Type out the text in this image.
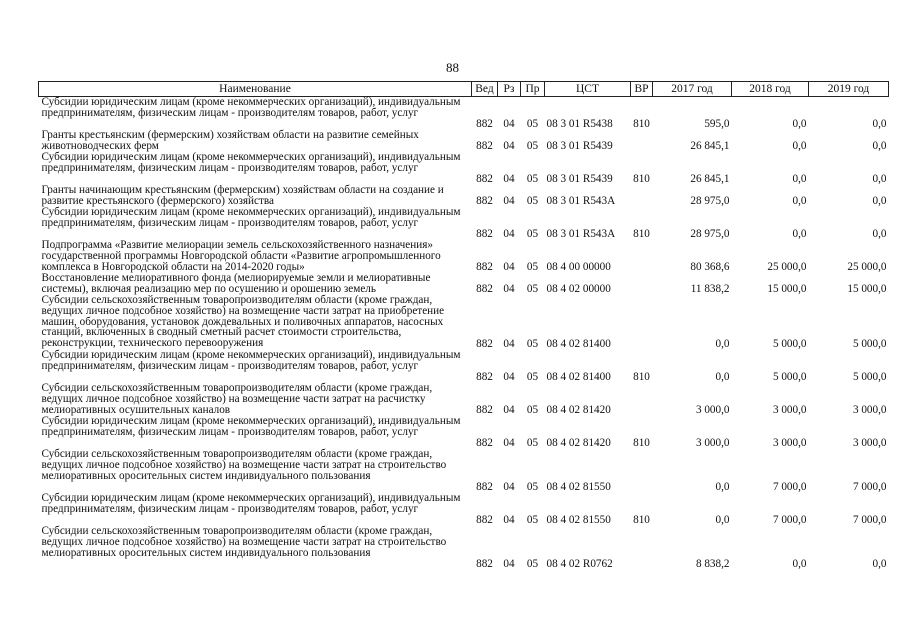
88
Наименование	Вед	Рз	Пр	ЦСТ	ВР	2017 год	2018 год	2019 год
Субсидии юридическим лицам (кроме некоммерческих организаций), индивидуальным предпринимателям, физическим лицам - производителям товаров, работ, услуг	882	04	05	08 3 01 R5438	810	595,0	0,0	0,0
Гранты крестьянским (фермерским) хозяйствам области на развитие семейных животноводческих ферм	882	04	05	08 3 01 R5439		26 845,1	0,0	0,0
Субсидии юридическим лицам (кроме некоммерческих организаций), индивидуальным предпринимателям, физическим лицам - производителям товаров, работ, услуг	882	04	05	08 3 01 R5439	810	26 845,1	0,0	0,0
Гранты начинающим крестьянским (фермерским) хозяйствам области на создание и развитие крестьянского (фермерского) хозяйства	882	04	05	08 3 01 R543A		28 975,0	0,0	0,0
Субсидии юридическим лицам (кроме некоммерческих организаций), индивидуальным предпринимателям, физическим лицам - производителям товаров, работ, услуг	882	04	05	08 3 01 R543A	810	28 975,0	0,0	0,0
Подпрограмма «Развитие мелиорации земель сельскохозяйственного назначения» государственной программы Новгородской области «Развитие агропромышленного комплекса в Новгородской области на 2014-2020 годы»	882	04	05	08 4 00 00000		80 368,6	25 000,0	25 000,0
Восстановление мелиоративного фонда (мелиорируемые земли и мелиоративные системы), включая реализацию мер по осушению и орошению земель	882	04	05	08 4 02 00000		11 838,2	15 000,0	15 000,0
Субсидии сельскохозяйственным товаропроизводителям области (кроме граждан, ведущих личное подсобное хозяйство) на возмещение части затрат на приобретение машин, оборудования, установок дождевальных и поливочных аппаратов, насосных станций, включенных в сводный сметный расчет стоимости строительства, реконструкции, технического перевооружения	882	04	05	08 4 02 81400		0,0	5 000,0	5 000,0
Субсидии юридическим лицам (кроме некоммерческих организаций), индивидуальным предпринимателям, физическим лицам - производителям товаров, работ, услуг	882	04	05	08 4 02 81400	810	0,0	5 000,0	5 000,0
Субсидии сельскохозяйственным товаропроизводителям области (кроме граждан, ведущих личное подсобное хозяйство) на возмещение части затрат на расчистку мелиоративных осушительных каналов	882	04	05	08 4 02 81420		3 000,0	3 000,0	3 000,0
Субсидии юридическим лицам (кроме некоммерческих организаций), индивидуальным предпринимателям, физическим лицам - производителям товаров, работ, услуг	882	04	05	08 4 02 81420	810	3 000,0	3 000,0	3 000,0
Субсидии сельскохозяйственным товаропроизводителям области (кроме граждан, ведущих личное подсобное хозяйство) на возмещение части затрат на строительство мелиоративных оросительных систем индивидуального пользования	882	04	05	08 4 02 81550		0,0	7 000,0	7 000,0
Субсидии юридическим лицам (кроме некоммерческих организаций), индивидуальным предпринимателям, физическим лицам - производителям товаров, работ, услуг	882	04	05	08 4 02 81550	810	0,0	7 000,0	7 000,0
Субсидии сельскохозяйственным товаропроизводителям области (кроме граждан, ведущих личное подсобное хозяйство) на возмещение части затрат на строительство мелиоративных оросительных систем индивидуального пользования	882	04	05	08 4 02 R0762		8 838,2	0,0	0,0
